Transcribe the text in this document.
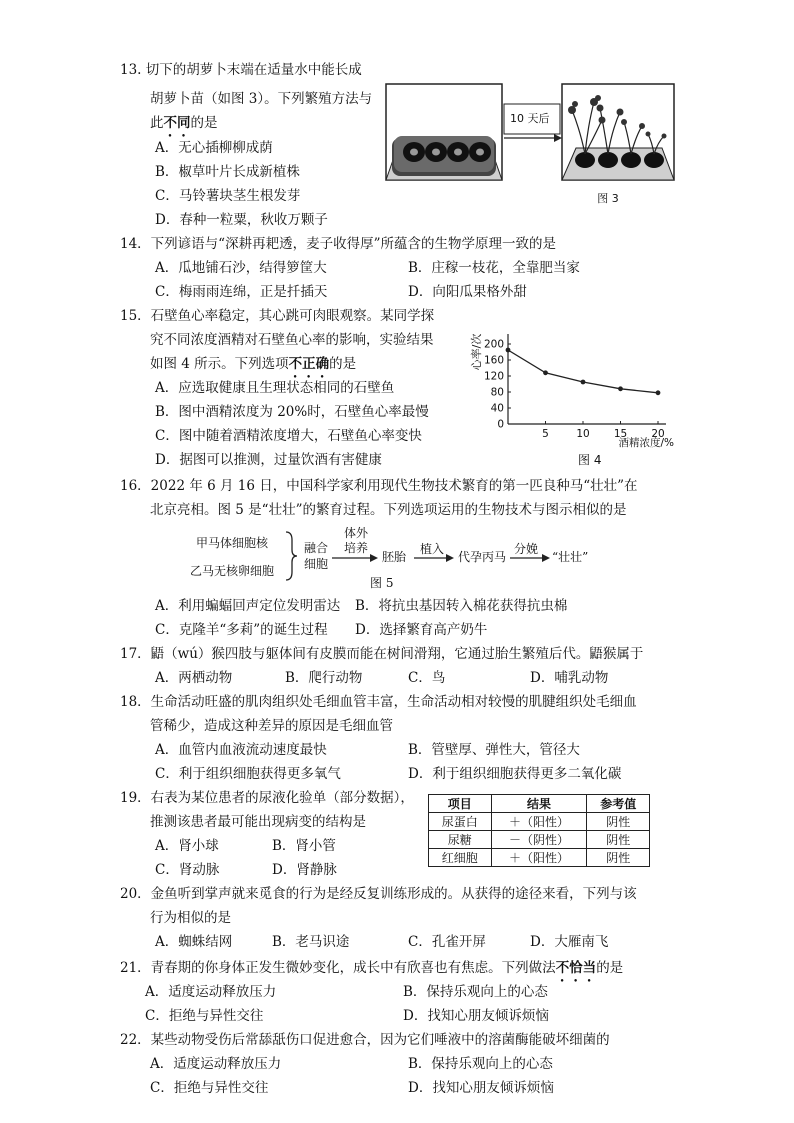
13. 切下的胡萝卜末端在适量水中能长成
胡萝卜苗（如图 3）。下列繁殖方法与
此不同的是
A．无心插柳柳成荫
B．椒草叶片长成新植株
C．马铃薯块茎生根发芽
D．春种一粒粟，秋收万颗子
10 天后
图 3
14．下列谚语与“深耕再耙透，麦子收得厚”所蕴含的生物学原理一致的是
A．瓜地铺石沙，结得箩筐大	B．庄稼一枝花，全靠肥当家
C．梅雨雨连绵，正是扦插天	D．向阳瓜果格外甜
15．石壁鱼心率稳定，其心跳可肉眼观察。某同学探
究不同浓度酒精对石壁鱼心率的影响，实验结果
如图 4 所示。下列选项不正确的是
A．应选取健康且生理状态相同的石壁鱼
B．图中酒精浓度为 20%时，石壁鱼心率最慢
C．图中随着酒精浓度增大，石壁鱼心率变快
D．据图可以推测，过量饮酒有害健康
0
40
80
120
160
200
5	10 15 20
心率/次
酒精浓度/%
图 4
16．2022 年 6 月 16 日，中国科学家利用现代生物技术繁育的第一匹良种马“壮壮”在
北京亮相。图 5 是“壮壮”的繁育过程。下列选项运用的生物技术与图示相似的是
甲马体细胞核
乙马无核卵细胞
融合细胞
体外培养
胚胎
植入
代孕丙马
分娩
“壮壮”
图 5
A．利用蝙蝠回声定位发明雷达 B．将抗虫基因转入棉花获得抗虫棉
C．克隆羊“多莉”的诞生过程 D．选择繁育高产奶牛
17．鼯（wú）猴四肢与躯体间有皮膜而能在树间滑翔，它通过胎生繁殖后代。鼯猴属于
A．两栖动物	B．爬行动物	C．鸟	D．哺乳动物
18．生命活动旺盛的肌肉组织处毛细血管丰富，生命活动相对较慢的肌腱组织处毛细血
管稀少，造成这种差异的原因是毛细血管
A．血管内血液流动速度最快	B．管壁厚、弹性大，管径大
C．利于组织细胞获得更多氧气	D．利于组织细胞获得更多二氧化碳
19．右表为某位患者的尿液化验单（部分数据），
推测该患者最可能出现病变的结构是
A．肾小球	B．肾小管
C．肾动脉	D．肾静脉
项目	结果	参考值
尿蛋白	＋（阳性）	阴性
尿糖	－（阴性）	阴性
红细胞	＋（阳性）	阴性
20．金鱼听到掌声就来觅食的行为是经反复训练形成的。从获得的途径来看，下列与该
行为相似的是
A．蜘蛛结网	B．老马识途	C．孔雀开屏	D．大雁南飞
21．青春期的你身体正发生微妙变化，成长中有欣喜也有焦虑。下列做法不恰当的是
A．适度运动释放压力	B．保持乐观向上的心态
C．拒绝与异性交往	D．找知心朋友倾诉烦恼
22．某些动物受伤后常舔舐伤口促进愈合，因为它们唾液中的溶菌酶能破坏细菌的
A．适度运动释放压力	B．保持乐观向上的心态
C．拒绝与异性交往	D．找知心朋友倾诉烦恼
